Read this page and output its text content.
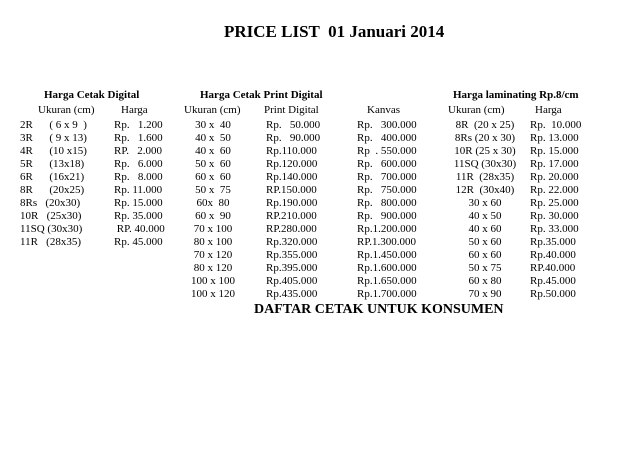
PRICE LIST  01 Januari 2014
Harga Cetak Digital	Harga Cetak Print Digital	Harga laminating Rp.8/cm
Ukuran (cm) Harga	Ukuran (cm) Print Digital	Kanvas	Ukuran (cm)	Harga
2R      ( 6 x 9  ) Rp.   1.200
3R      ( 9 x 13) Rp.   1.600
4R      (10 x15) RP.   2.000
5R      (13x18)	Rp.   6.000
6R      (16x21)	Rp.   8.000
8R      (20x25)	Rp. 11.000
8Rs   (20x30)	Rp. 15.000
10R   (25x30)	Rp. 35.000
11SQ (30x30)	RP. 40.000
11R   (28x35)	Rp. 45.000
30 x  40	Rp.   50.000	Rp.   300.000
40 x  50	Rp.   90.000	Rp.   400.000
40 x  60	Rp.110.000	Rp  . 550.000
50 x  60	Rp.120.000	Rp.   600.000
60 x  60	Rp.140.000	Rp.   700.000
50 x  75	RP.150.000	Rp.   750.000
60x  80	Rp.190.000	Rp.   800.000
60 x  90	RP.210.000	Rp.   900.000
70 x 100	RP.280.000	Rp.1.200.000
80 x 100	Rp.320.000	RP.1.300.000
70 x 120	Rp.355.000	Rp.1.450.000
80 x 120	Rp.395.000	Rp.1.600.000
100 x 100	Rp.405.000	Rp.1.650.000
100 x 120	Rp.435.000	Rp.1.700.000
8R  (20 x 25)	Rp.  10.000
8Rs (20 x 30)	Rp. 13.000
10R (25 x 30)	Rp. 15.000
11SQ (30x30)	Rp. 17.000
11R  (28x35)	Rp. 20.000
12R  (30x40)	Rp. 22.000
30 x 60	Rp. 25.000
40 x 50	Rp. 30.000
40 x 60	Rp. 33.000
50 x 60	Rp.35.000
60 x 60	Rp.40.000
50 x 75	RP.40.000
60 x 80	Rp.45.000
70 x 90	Rp.50.000
DAFTAR CETAK UNTUK KONSUMEN
